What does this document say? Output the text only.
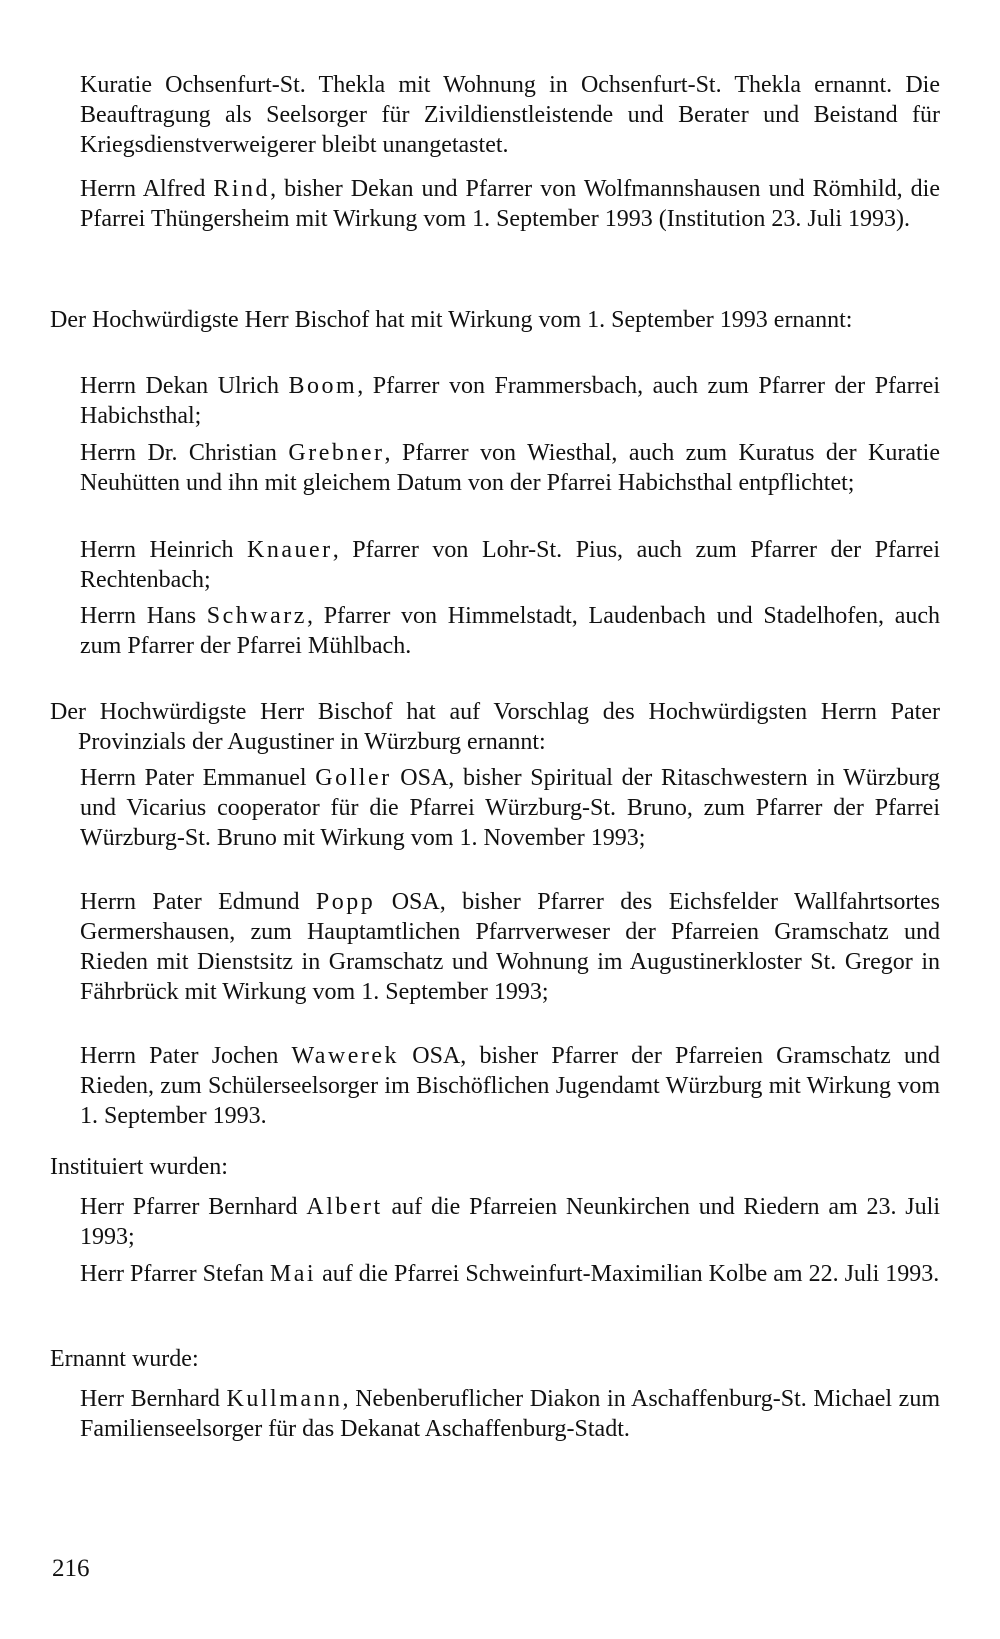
Kuratie Ochsenfurt-St. Thekla mit Wohnung in Ochsenfurt-St. Thekla ernannt. Die Beauftragung als Seelsorger für Zivildienstleistende und Berater und Beistand für Kriegsdienstverweigerer bleibt unangetastet.

Herrn Alfred Rind, bisher Dekan und Pfarrer von Wolfmannshausen und Römhild, die Pfarrei Thüngersheim mit Wirkung vom 1. September 1993 (Institution 23. Juli 1993).

Der Hochwürdigste Herr Bischof hat mit Wirkung vom 1. September 1993 ernannt:

Herrn Dekan Ulrich Boom, Pfarrer von Frammersbach, auch zum Pfarrer der Pfarrei Habichsthal;

Herrn Dr. Christian Grebner, Pfarrer von Wiesthal, auch zum Kuratus der Kuratie Neuhütten und ihn mit gleichem Datum von der Pfarrei Habichsthal entpflichtet;

Herrn Heinrich Knauer, Pfarrer von Lohr-St. Pius, auch zum Pfarrer der Pfarrei Rechtenbach;

Herrn Hans Schwarz, Pfarrer von Himmelstadt, Laudenbach und Stadelhofen, auch zum Pfarrer der Pfarrei Mühlbach.

Der Hochwürdigste Herr Bischof hat auf Vorschlag des Hochwürdigsten Herrn Pater Provinzials der Augustiner in Würzburg ernannt:

Herrn Pater Emmanuel Goller OSA, bisher Spiritual der Ritaschwestern in Würzburg und Vicarius cooperator für die Pfarrei Würzburg-St. Bruno, zum Pfarrer der Pfarrei Würzburg-St. Bruno mit Wirkung vom 1. November 1993;

Herrn Pater Edmund Popp OSA, bisher Pfarrer des Eichsfelder Wallfahrtsortes Germershausen, zum Hauptamtlichen Pfarrverweser der Pfarreien Gramschatz und Rieden mit Dienstsitz in Gramschatz und Wohnung im Augustinerkloster St. Gregor in Fährbrück mit Wirkung vom 1. September 1993;

Herrn Pater Jochen Wawerek OSA, bisher Pfarrer der Pfarreien Gramschatz und Rieden, zum Schülerseelsorger im Bischöflichen Jugendamt Würzburg mit Wirkung vom 1. September 1993.

Instituiert wurden:

Herr Pfarrer Bernhard Albert auf die Pfarreien Neunkirchen und Riedern am 23. Juli 1993;

Herr Pfarrer Stefan Mai auf die Pfarrei Schweinfurt-Maximilian Kolbe am 22. Juli 1993.

Ernannt wurde:

Herr Bernhard Kullmann, Nebenberuflicher Diakon in Aschaffenburg-St. Michael zum Familienseelsorger für das Dekanat Aschaffenburg-Stadt.

216
